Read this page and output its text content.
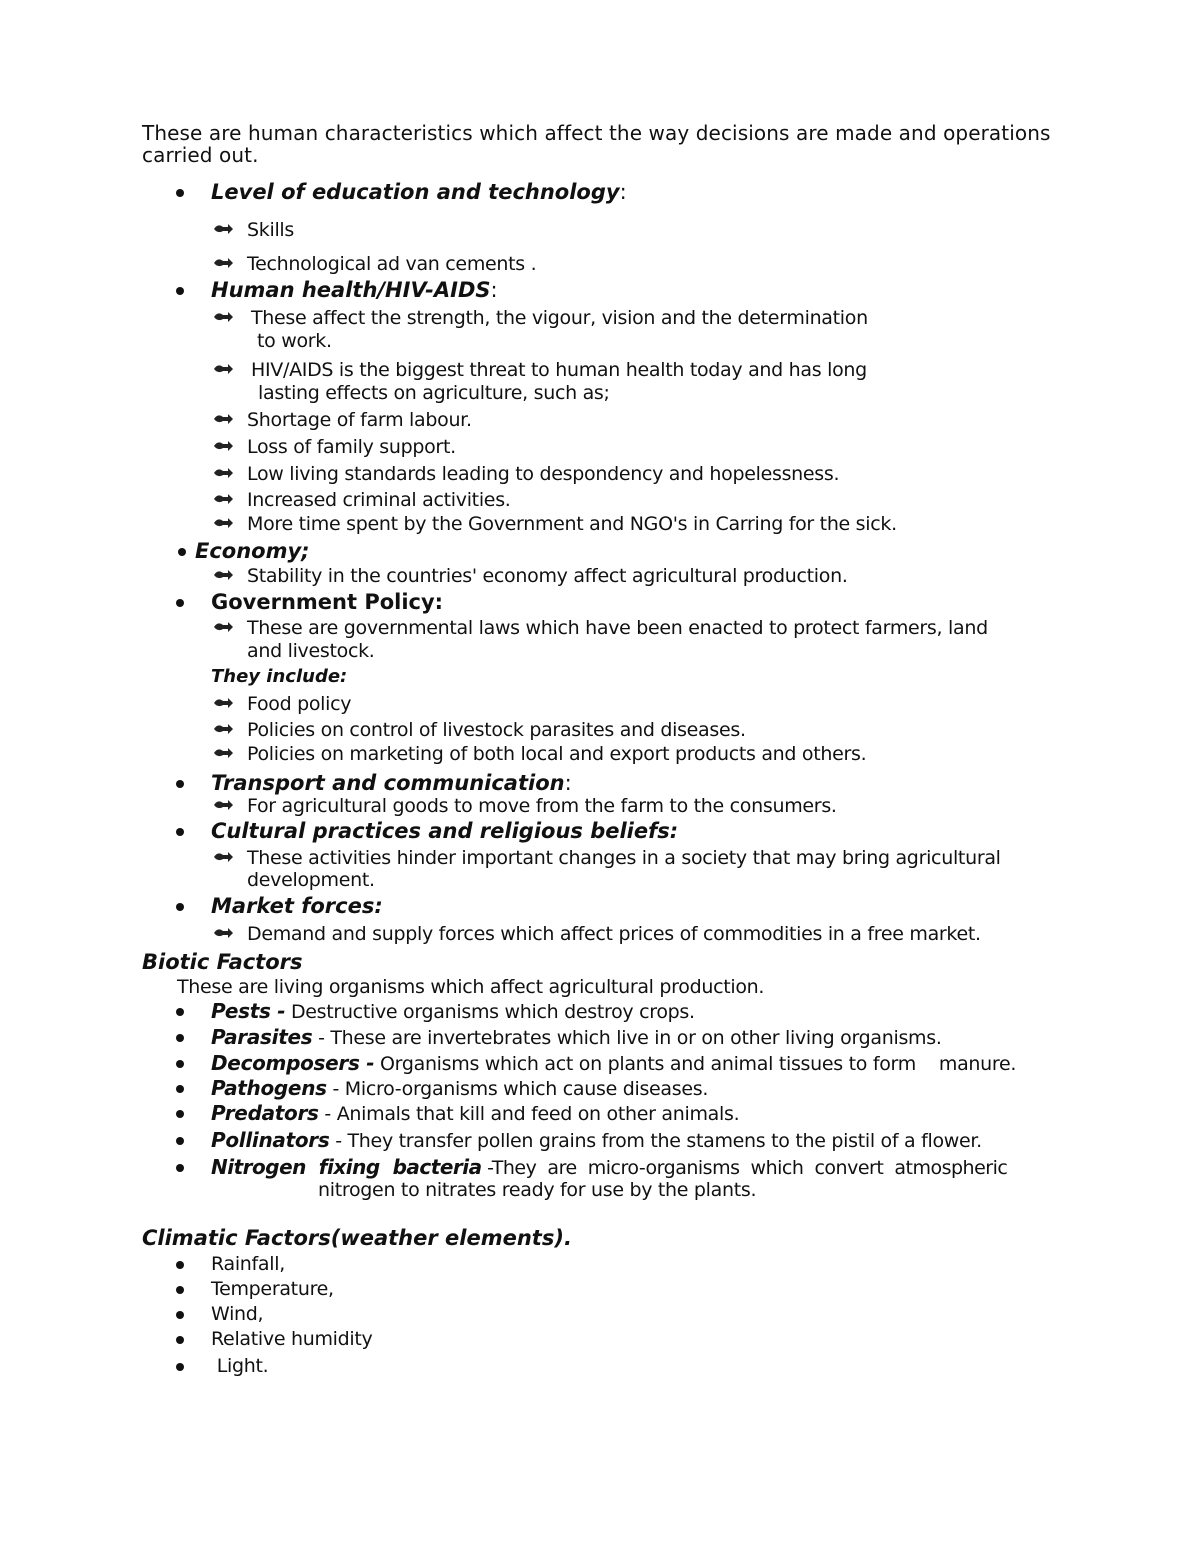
These are human characteristics which affect the way decisions are made and operations
carried out.
Level of education and technology:
Skills
Technological ad van cements .
Human health/HIV-AIDS:
These affect the strength, the vigour, vision and the determination
to work.
HIV/AIDS is the biggest threat to human health today and has long
lasting effects on agriculture, such as;
Shortage of farm labour.
Loss of family support.
Low living standards leading to despondency and hopelessness.
Increased criminal activities.
More time spent by the Government and NGO's in Carring for the sick.
Economy;
Stability in the countries' economy affect agricultural production.
Government Policy:
These are governmental laws which have been enacted to protect farmers, land
and livestock.
They include:
Food policy
Policies on control of livestock parasites and diseases.
Policies on marketing of both local and export products and others.
Transport and communication:
For agricultural goods to move from the farm to the consumers.
Cultural practices and religious beliefs:
These activities hinder important changes in a society that may bring agricultural
development.
Market forces:
Demand and supply forces which affect prices of commodities in a free market.
Biotic Factors
These are living organisms which affect agricultural production.
Pests - Destructive organisms which destroy crops.
Parasites - These are invertebrates which live in or on other living organisms.
Decomposers - Organisms which act on plants and animal tissues to form    manure.
Pathogens - Micro-organisms which cause diseases.
Predators - Animals that kill and feed on other animals.
Pollinators - They transfer pollen grains from the stamens to the pistil of a flower.
Nitrogen  fixing  bacteria -They  are  micro-organisms  which  convert  atmospheric
nitrogen to nitrates ready for use by the plants.
Climatic Factors(weather elements).
Rainfall,
Temperature,
Wind,
Relative humidity
Light.
